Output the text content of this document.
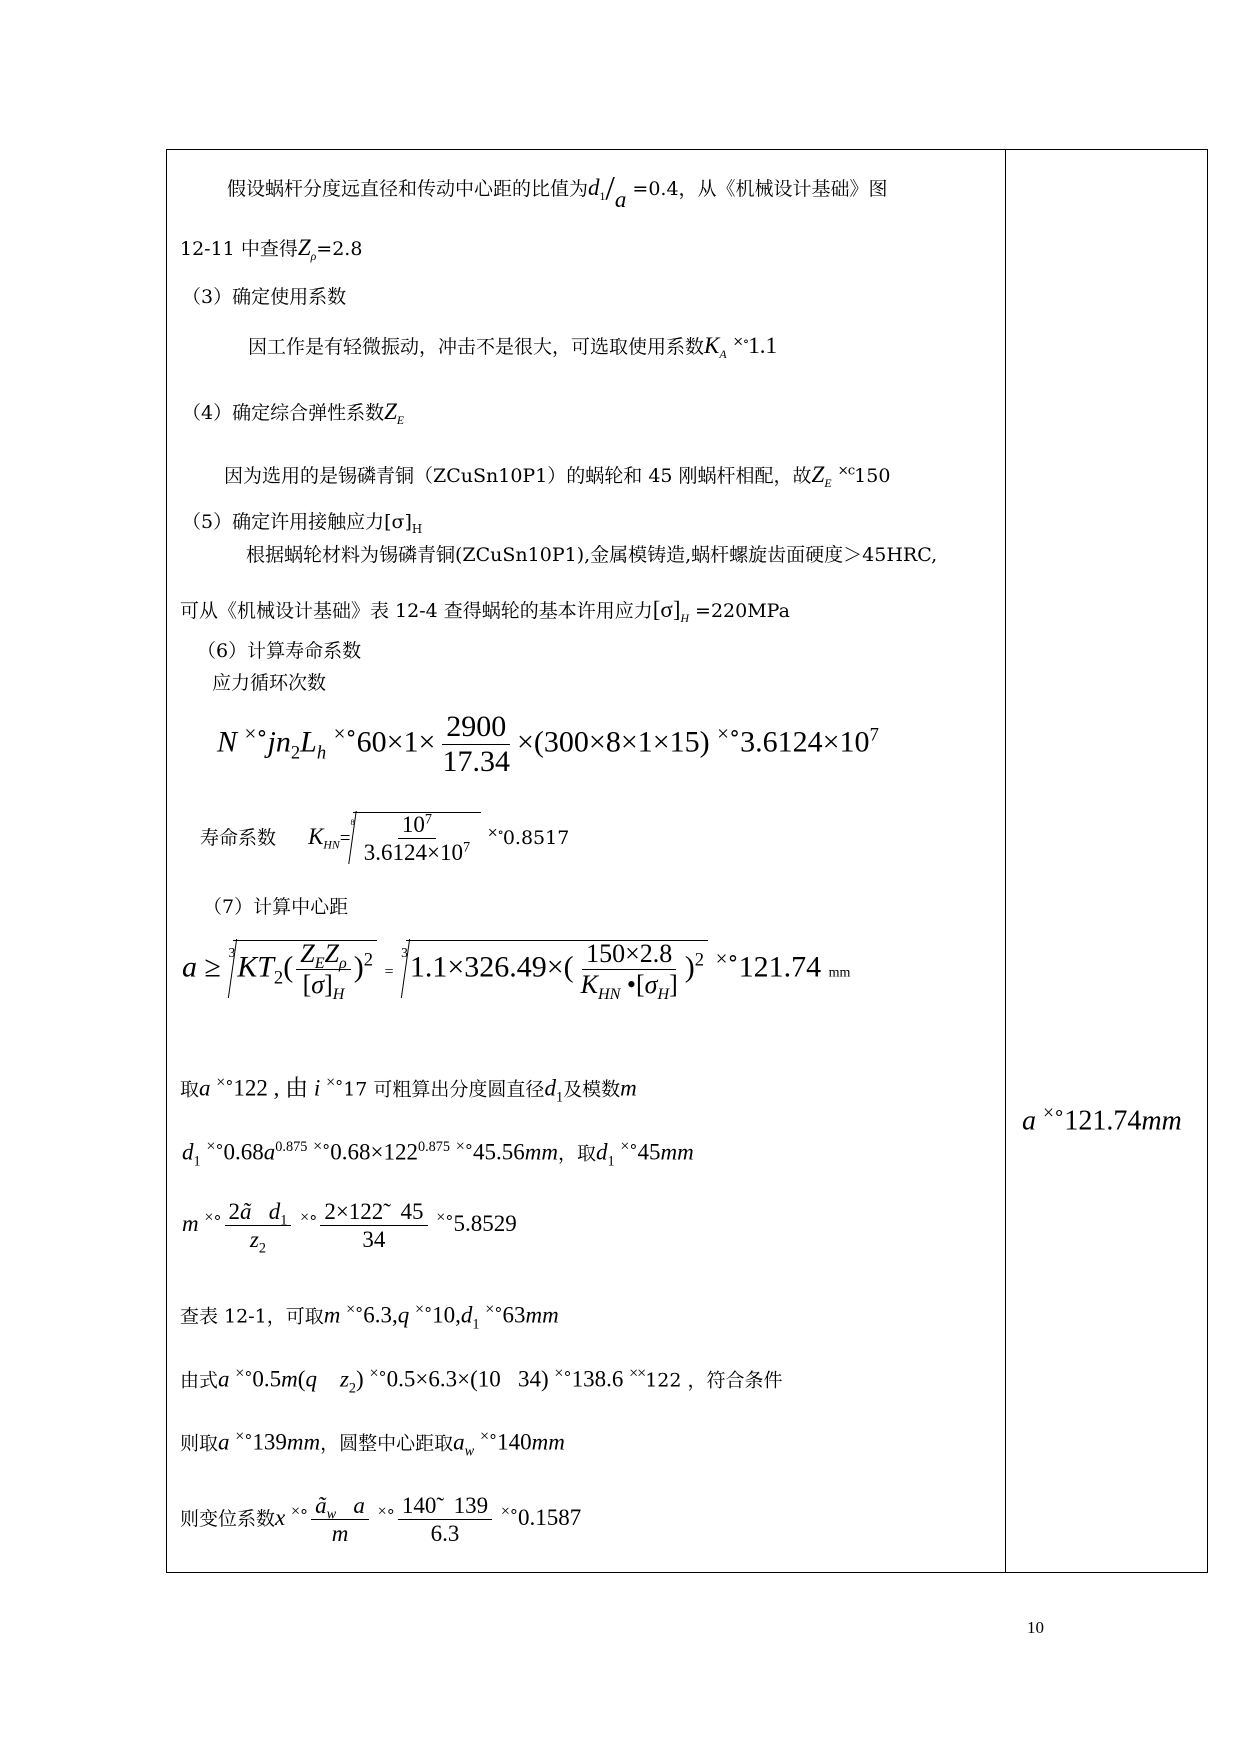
假设蜗杆分度远直径和传动中心距的比值为$d_1/a =0.4$，从《机械设计基础》图
12-11 中查得$Z_\rho=2.8$
（3）确定使用系数
因工作是有轻微振动，冲击不是很大，可选取使用系数$K_A$ ×∘1.1
（4）确定综合弹性系数$Z_E$
因为选用的是锡磷青铜（ZCuSn10P1）的蜗轮和 45 刚蜗杆相配，故$Z_E$ $^{\times c}$150
（5）确定许用接触应力$[\sigma]_H$
根据蜗轮材料为锡磷青铜(ZCuSn10P1),金属模铸造,蜗杆螺旋齿面硬度＞45HRC,
可从《机械设计基础》表 12-4 查得蜗轮的基本许用应力$[\sigma]_H =220MPa$
（6）计算寿命系数
应力循环次数
N $^{\times\circ}jn_2L_h$ $^{\times\circ}60\times 1\times \frac{2900}{17.34} \times(300\times 8\times 1\times 15)$ $^{\times\circ}3.6124\times 10^7$
寿命系数 $K_{HN}=^8 \frac{10^7}{3.6124\times 10^7} ^{\times\circ}0.8517$
（7）计算中心距
$a \ge ^3KT_2( \frac{Z_EZ_\rho}{[\sigma]_H} )^2 = ^31.1\times 326.49\times( \frac{150\times 2.8}{K_{HN} •[\sigma_H]} )^2$ ×∘121.74 mm
取a ×∘122 , 由 i ×∘17 可粗算出分度圆直径$d_1$及模数m
$d_1$ $^{\times\circ}0.68a^{0.875}$ $^{\times\circ}0.68\times 122^{0.875}$ ×∘45.56mm，取$d_1$ ×∘45mm
m $^{\times\circ} \frac{2ã d_1}{z_2} ^{\times\circ} \frac{2\times 122̃ 45}{34} ^{\times\circ}5.8529$
查表 12-1，可取m ×∘6.3,q $^{\times\circ}10,d_1$ ×∘63mm
由式a ×∘0.5m(q $z_2$) ×∘0.5×6.3×(10 34) ×∘138.6 ××122 ，符合条件
则取a ×∘139mm，圆整中心距取$a_w$ ×∘140mm
则变位系数x $^{\times\circ} \frac{ã_w a}{m} ^{\times\circ} \frac{140̃ 139}{6.3} ^{\times\circ}0.1587$
a ×∘121.74mm
10
